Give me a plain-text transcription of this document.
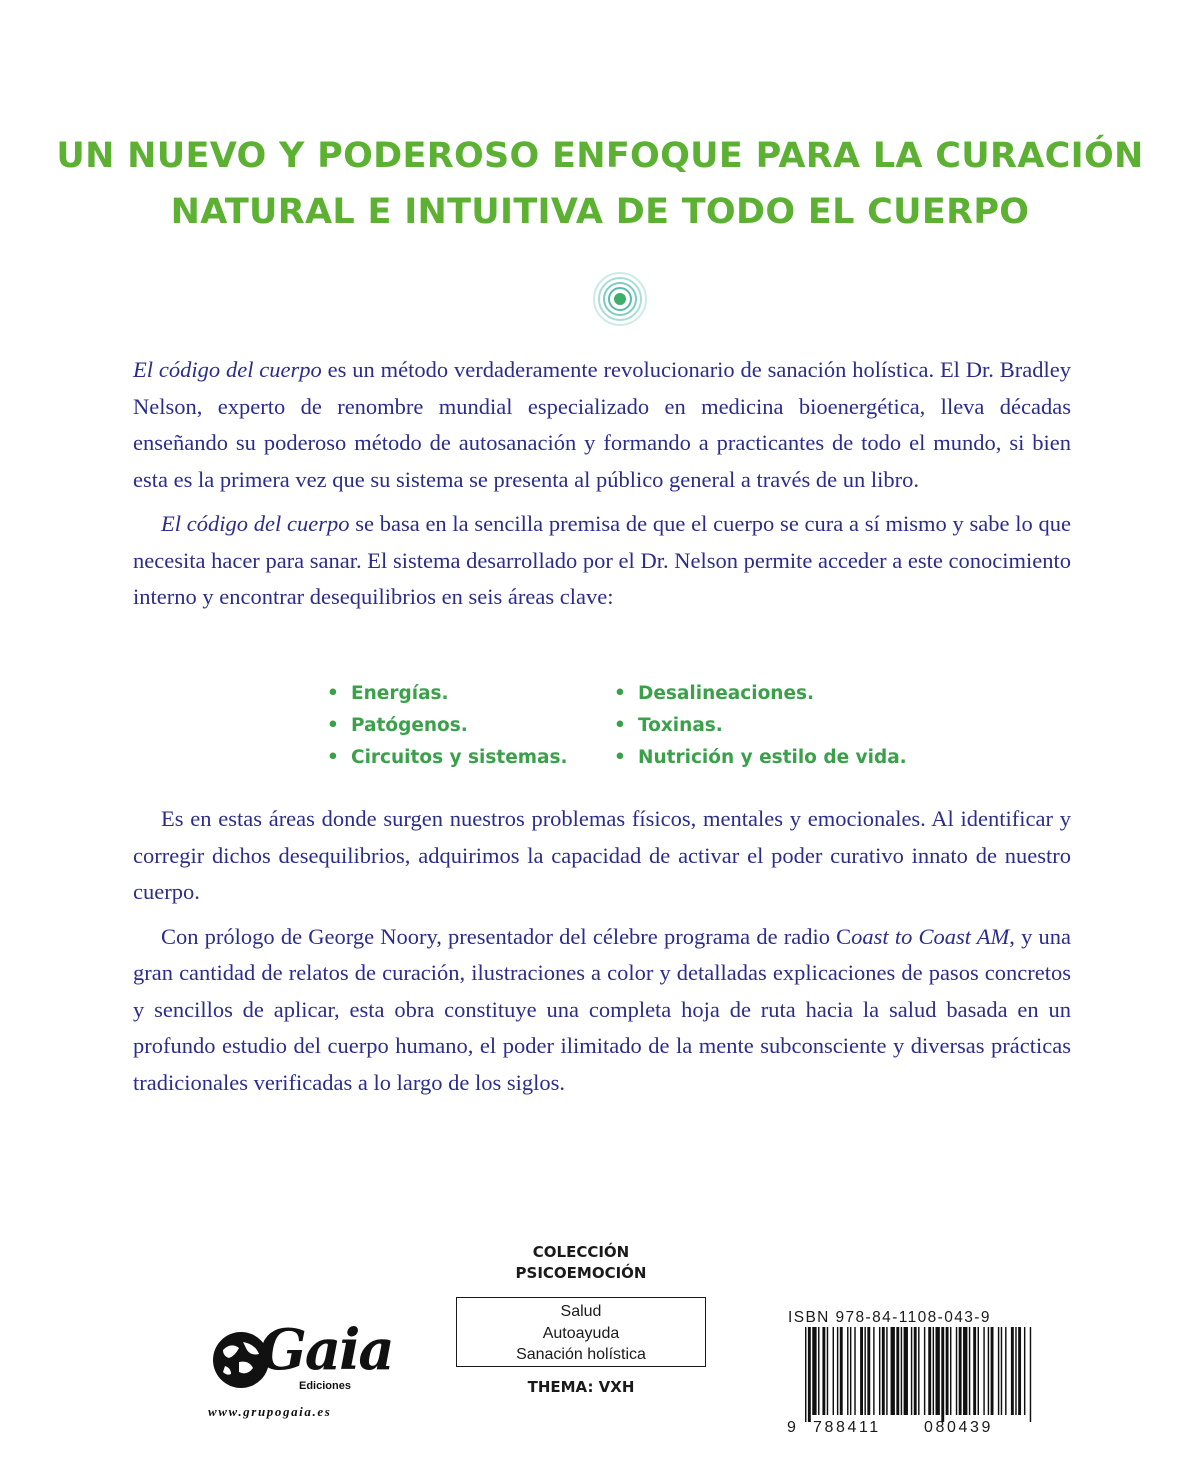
UN NUEVO Y PODEROSO ENFOQUE PARA LA CURACIÓN
NATURAL E INTUITIVA DE TODO EL CUERPO

El código del cuerpo es un método verdaderamente revolucionario de sanación holística. El Dr. Bradley Nelson, experto de renombre mundial especializado en medicina bioenergética, lleva décadas enseñando su poderoso método de autosanación y formando a practicantes de todo el mundo, si bien esta es la primera vez que su sistema se presenta al público general a través de un libro.

El código del cuerpo se basa en la sencilla premisa de que el cuerpo se cura a sí mismo y sabe lo que necesita hacer para sanar. El sistema desarrollado por el Dr. Nelson permite acceder a este conocimiento interno y encontrar desequilibrios en seis áreas clave:

• Energías.
• Patógenos.
• Circuitos y sistemas.
• Desalineaciones.
• Toxinas.
• Nutrición y estilo de vida.

Es en estas áreas donde surgen nuestros problemas físicos, mentales y emocionales. Al identificar y corregir dichos desequilibrios, adquirimos la capacidad de activar el poder curativo innato de nuestro cuerpo.

Con prólogo de George Noory, presentador del célebre programa de radio Coast to Coast AM, y una gran cantidad de relatos de curación, ilustraciones a color y detalladas explicaciones de pasos concretos y sencillos de aplicar, esta obra constituye una completa hoja de ruta hacia la salud basada en un profundo estudio del cuerpo humano, el poder ilimitado de la mente subconsciente y diversas prácticas tradicionales verificadas a lo largo de los siglos.

Gaia
Ediciones
www.grupogaia.es
COLECCIÓN
PSICOEMOCIÓN
Salud
Autoayuda
Sanación holística
THEMA: VXH
ISBN 978-84-1108-043-9
9 788411	080439
